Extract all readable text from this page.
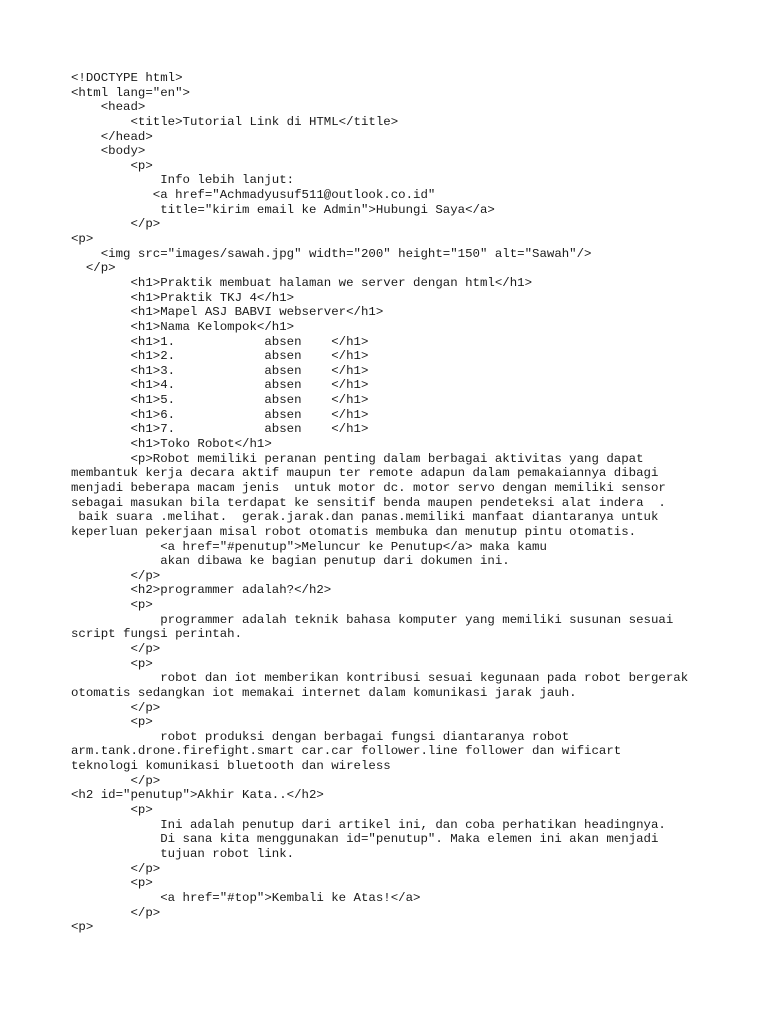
<!DOCTYPE html>
<html lang="en">
<head>
<title>Tutorial Link di HTML</title>
</head>
<body>
<p>
Info lebih lanjut:
<a href="Achmadyusuf511@outlook.co.id"
title="kirim email ke Admin">Hubungi Saya</a>
</p>
<p>
<img src="images/sawah.jpg" width="200" height="150" alt="Sawah"/>
</p>
<h1>Praktik membuat halaman we server dengan html</h1>
<h1>Praktik TKJ 4</h1>
<h1>Mapel ASJ BABVI webserver</h1>
<h1>Nama Kelompok</h1>
<h1>1.            absen    </h1>
<h1>2.            absen    </h1>
<h1>3.            absen    </h1>
<h1>4.            absen    </h1>
<h1>5.            absen    </h1>
<h1>6.            absen    </h1>
<h1>7.            absen    </h1>
<h1>Toko Robot</h1>
<p>Robot memiliki peranan penting dalam berbagai aktivitas yang dapat
membantuk kerja decara aktif maupun ter remote adapun dalam pemakaiannya dibagi
menjadi beberapa macam jenis  untuk motor dc. motor servo dengan memiliki sensor
sebagai masukan bila terdapat ke sensitif benda maupen pendeteksi alat indera  .
baik suara .melihat.  gerak.jarak.dan panas.memiliki manfaat diantaranya untuk
keperluan pekerjaan misal robot otomatis membuka dan menutup pintu otomatis.
<a href="#penutup">Meluncur ke Penutup</a> maka kamu
akan dibawa ke bagian penutup dari dokumen ini.
</p>
<h2>programmer adalah?</h2>
<p>
programmer adalah teknik bahasa komputer yang memiliki susunan sesuai
script fungsi perintah.
</p>
<p>
robot dan iot memberikan kontribusi sesuai kegunaan pada robot bergerak
otomatis sedangkan iot memakai internet dalam komunikasi jarak jauh.
</p>
<p>
robot produksi dengan berbagai fungsi diantaranya robot
arm.tank.drone.firefight.smart car.car follower.line follower dan wificart
teknologi komunikasi bluetooth dan wireless
</p>
<h2 id="penutup">Akhir Kata..</h2>
<p>
Ini adalah penutup dari artikel ini, dan coba perhatikan headingnya.
Di sana kita menggunakan id="penutup". Maka elemen ini akan menjadi
tujuan robot link.
</p>
<p>
<a href="#top">Kembali ke Atas!</a>
</p>
<p>
